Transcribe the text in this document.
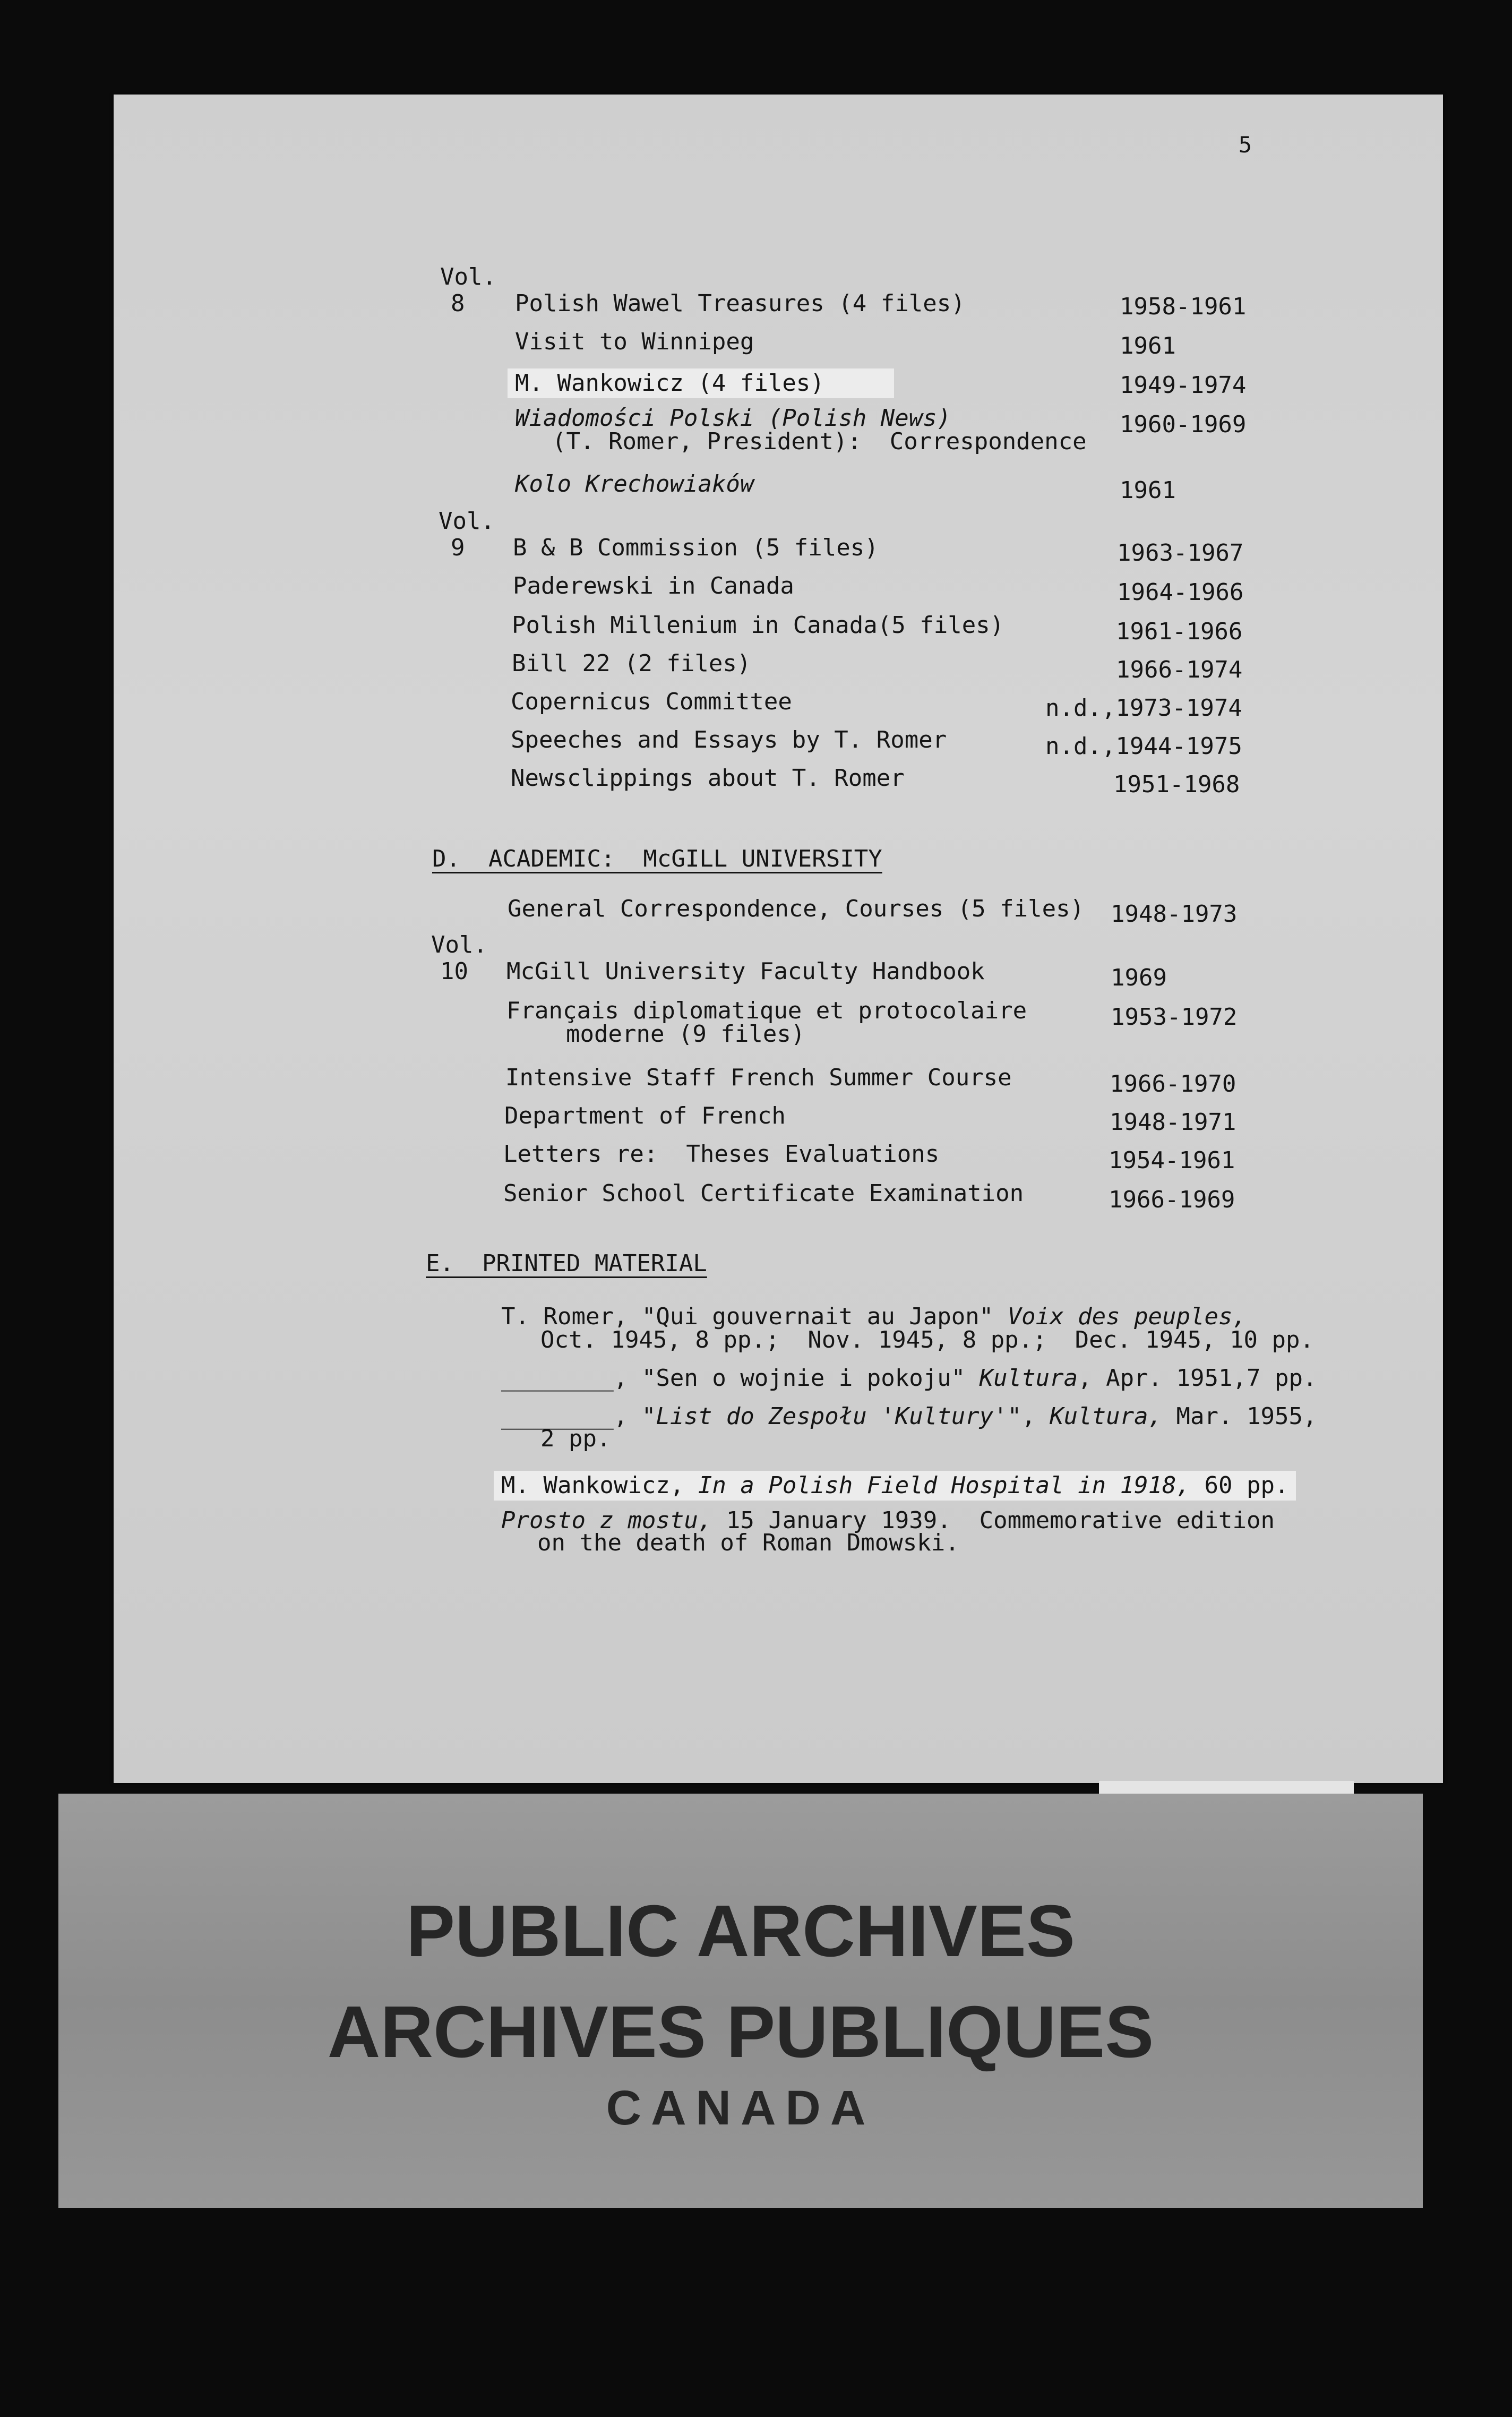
5
Vol.
8 Polish Wawel Treasures (4 files)	1958-1961
Visit to Winnipeg	1961
M. Wankowicz (4 files)	1949-1974
Wiadomości Polski (Polish News)
(T. Romer, President):  Correspondence
1960-1969
Kolo Krechowiaków	1961
Vol.
9 B & B Commission (5 files)	1963-1967
Paderewski in Canada	1964-1966
Polish Millenium in Canada(5 files)	1961-1966
Bill 22 (2 files)	1966-1974
Copernicus Committee	n.d.,1973-1974
Speeches and Essays by T. Romer	n.d.,1944-1975
Newsclippings about T. Romer	1951-1968
D.  ACADEMIC:  McGILL UNIVERSITY
General Correspondence, Courses (5 files) 1948-1973
Vol.
10 McGill University Faculty Handbook	1969
Français diplomatique et protocolaire
moderne (9 files)
1953-1972
Intensive Staff French Summer Course	1966-1970
Department of French	1948-1971
Letters re:  Theses Evaluations	1954-1961
Senior School Certificate Examination	1966-1969
E.  PRINTED MATERIAL
T. Romer, "Qui gouvernait au Japon" Voix des peuples,
Oct. 1945, 8 pp.;  Nov. 1945, 8 pp.;  Dec. 1945, 10 pp.
________, "Sen o wojnie i pokoju" Kultura, Apr. 1951,7 pp.
________, "List do Zespołu 'Kultury'", Kultura, Mar. 1955,
2 pp.
M. Wankowicz, In a Polish Field Hospital in 1918, 60 pp.
Prosto z mostu, 15 January 1939.  Commemorative edition
on the death of Roman Dmowski.
PUBLIC ARCHIVES
ARCHIVES PUBLIQUES
CANADA
